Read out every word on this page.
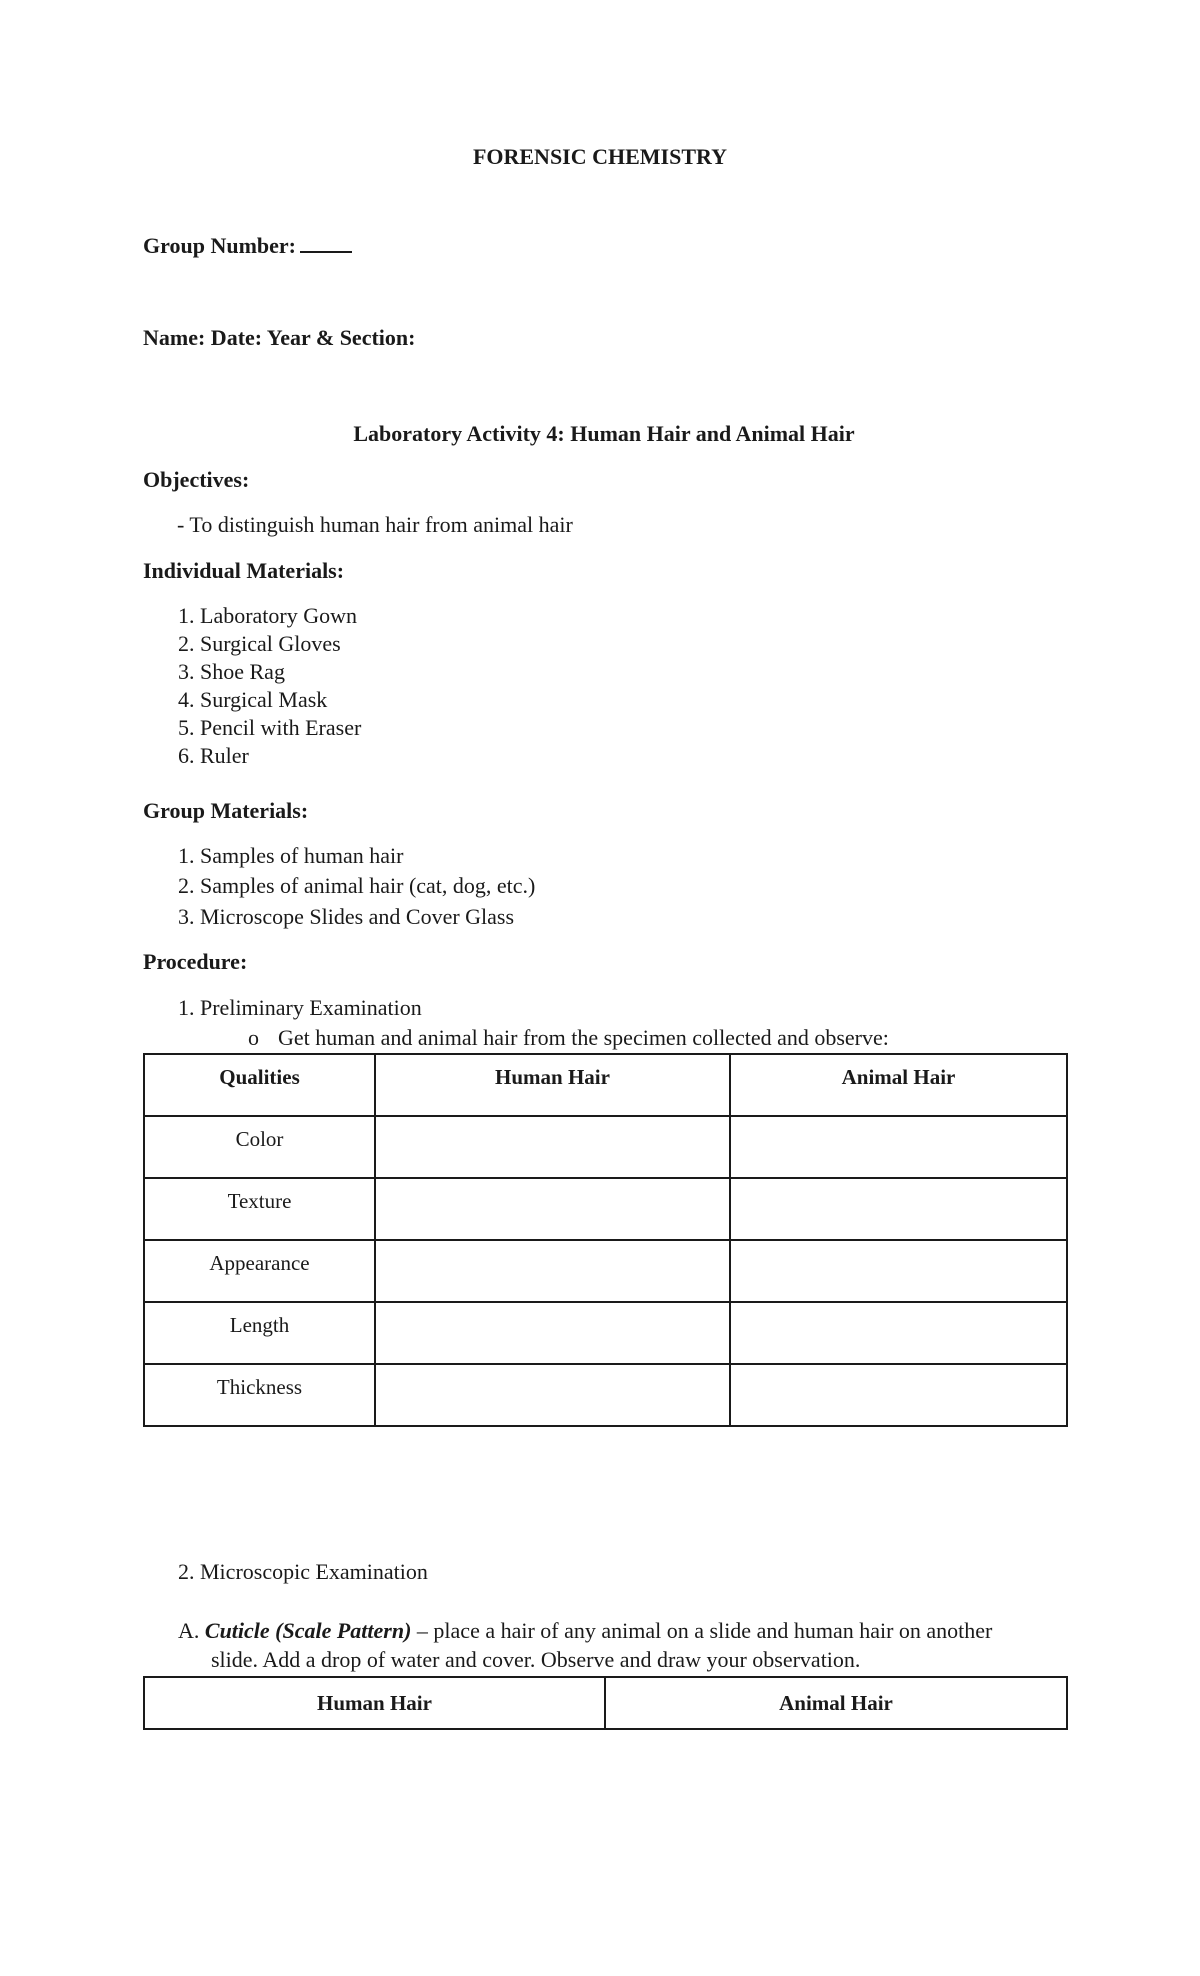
FORENSIC CHEMISTRY
Group Number:
Name: Date: Year & Section:
Laboratory Activity 4: Human Hair and Animal Hair
Objectives:
- To distinguish human hair from animal hair
Individual Materials:
1. Laboratory Gown
2. Surgical Gloves
3. Shoe Rag
4. Surgical Mask
5. Pencil with Eraser
6. Ruler
Group Materials:
1. Samples of human hair
2. Samples of animal hair (cat, dog, etc.)
3. Microscope Slides and Cover Glass
Procedure:
1. Preliminary Examination
o Get human and animal hair from the specimen collected and observe:
Qualities	Human Hair	Animal Hair
Color		
Texture		
Appearance		
Length		
Thickness		
2. Microscopic Examination
A. Cuticle (Scale Pattern) – place a hair of any animal on a slide and human hair on another
slide. Add a drop of water and cover. Observe and draw your observation.
Human Hair	Animal Hair
